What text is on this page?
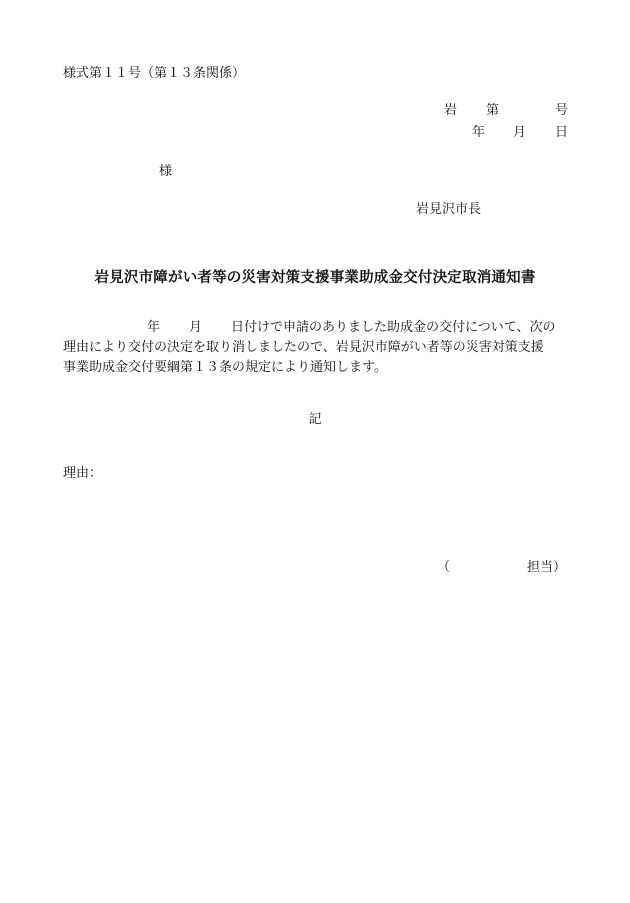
様式第１１号（第１３条関係）
岩 第	号
年 月 日
様
岩見沢市長
岩見沢市障がい者等の災害対策支援事業助成金交付決定取消通知書
年 月 日付けで申請のありました助成金の交付について、次の
理由により交付の決定を取り消しましたので、岩見沢市障がい者等の災害対策支援
事業助成金交付要綱第１３条の規定により通知します。
記
理由：
（	担当）
